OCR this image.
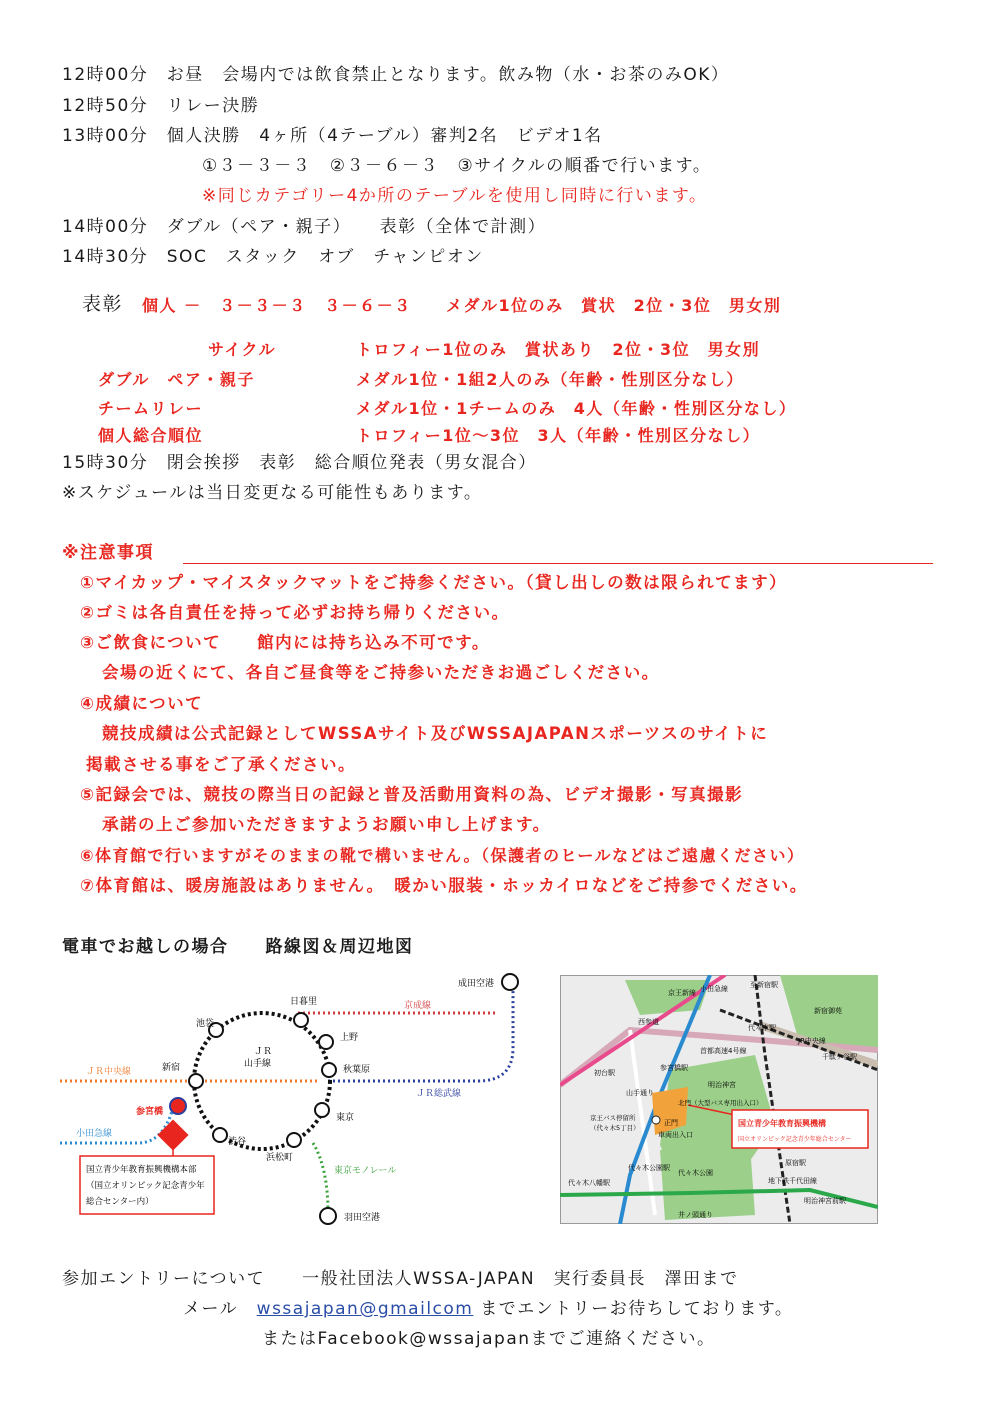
12時00分　 お昼　会場内では飲食禁止となります。飲み物（水・お茶のみOK）
12時50分　 リレー決勝
13時00分　 個人決勝　4ヶ所（4テーブル）審判2名　ビデオ1名
①３－３－３　②３－６－３　③サイクルの順番で行います。
※同じカテゴリー4か所のテーブルを使用し同時に行います。
14時00分　 ダブル（ペア・親子）　　表彰（全体で計測）
14時30分　 SOC　スタック　オブ　チャンピオン
表彰 個人 －　３－３－３　３－６－３ メダル1位のみ　賞状　2位・3位　男女別
サイクル	トロフィー1位のみ　賞状あり　2位・3位　男女別
ダブル　ペア・親子	メダル1位・1組2人のみ（年齢・性別区分なし）
チームリレー	メダル1位・1チームのみ　4人（年齢・性別区分なし）
個人総合順位	トロフィー1位～3位　3人（年齢・性別区分なし）
15時30分　 閉会挨拶　表彰　総合順位発表（男女混合）
※スケジュールは当日変更なる可能性もあります。
※注意事項
①マイカップ・マイスタックマットをご持参ください。（貸し出しの数は限られてます）
②ゴミは各自責任を持って必ずお持ち帰りください。
③ご飲食について　　館内には持ち込み不可です。
会場の近くにて、各自ご昼食等をご持参いただきお過ごしください。
④成績について
競技成績は公式記録としてWSSAサイト及びWSSAJAPANスポーツスのサイトに
掲載させる事をご了承ください。
⑤記録会では、競技の際当日の記録と普及活動用資料の為、ビデオ撮影・写真撮影
承諾の上ご参加いただきますようお願い申し上げます。
⑥体育館で行いますがそのままの靴で構いません。（保護者のヒールなどはご遠慮ください）
⑦体育館は、暖房施設はありません。　暖かい服装・ホッカイロなどをご持参でください。
電車でお越しの場合　　路線図＆周辺地図
池袋
日暮里
上野
秋葉原
東京
浜松町
渋谷
新宿
参宮橋
成田空港
羽田空港
ＪＲ
山手線
ＪＲ中央線
小田急線
京成線
ＪＲ総武線
東京モノレール
国立青少年教育振興機構本部
（国立オリンピック記念青少年
総合センター内）
国立青少年教育振興機構
国立オリンピック記念青少年総合センター
京王新線 小田急線	至新宿駅
新宿御苑
西参道
代々木駅
初台駅
参宮橋駅
首都高速4号線
JR中央線
千駄ケ谷駅
山手通り
明治神宮
北門（大型バス専用出入口）
正門
車両出入口
京王バス停留所
（代々木5丁目）
代々木公園駅
代々木八幡駅
代々木公園
地下鉄千代田線
原宿駅
明治神宮前駅
井ノ頭通り
参加エントリーについて　　一般社団法人WSSA-JAPAN　実行委員長　澤田まで
メール　 wssajapan@gmailcom までエントリーお待ちしております。
またはFacebook@wssajapanまでご連絡ください。
